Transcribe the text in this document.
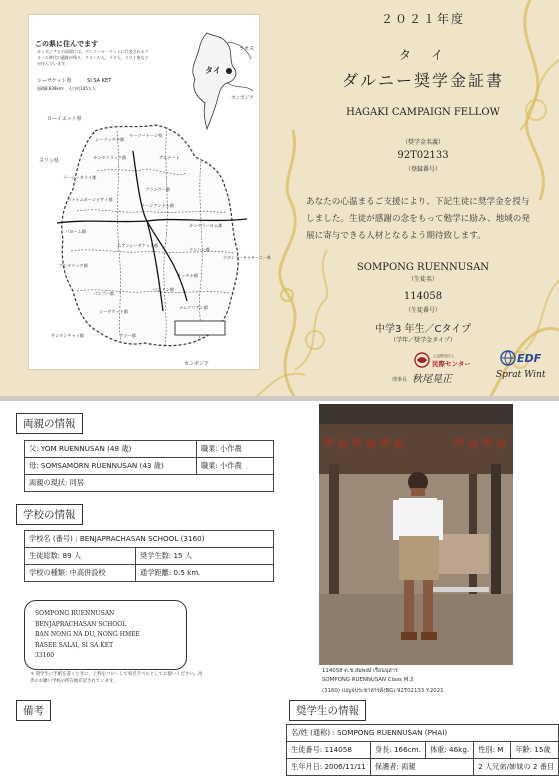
この県に住んでます
カンボジアとの国境には、デンコール・ワットに代表されるクメール時代の遺跡が残り、クメール人、ラオ人、スワイ族などが住んでいます。
シーサケット県	SI SA KET
面積8,839km²　人口約145万人
ラオス
タイ
カンボジア
ローイエット県
スリン県
ウボンラーチャターニー県
カンボジア
シーラッタナ郡
ヤーソートーン県
カンタララック郡	アムナート
ラーシーサライ郡
ウトゥムポーンピサイ郡
プランクー郡
ノーンクンナシ郡
カンタラーロム郡
パヨーム郡
ムアンシーサケット郡
クンハン郡
キッタナ郡
ブンタリック郡
パンプー郡
ベントン郡
シーサケット郡
ナムクリアン郡
サンタンチャイ郡	ブラー郡
２０２１年度
タ　イ
ダルニー奨学金証書
HAGAKI CAMPAIGN FELLOW
（奨学金名義）
92T02133
（登録番号）
あなたの心温まるご支援により、下記生徒に奨学金を授与しました。生徒が感謝の念をもって勉学に励み、地域の発展に寄与できる人材となるよう期待致します。
SOMPONG RUENNUSAN
（生徒名）
114058
（生徒番号）
中学3 年生／Cタイプ
（学年／奨学金タイプ）
公益財団法人
民際センター
理事長 秋尾晃正
EDF
Sprat Wint
両親の情報
父: YOM RUENNUSAN (48 歳)	職業: 小作農
母: SOMSAMORN RUENNUSAN (43 歳)	職業: 小作農
両親の現状: 同居	
学校の情報
学校名 (番号) : BENJAPRACHASAN SCHOOL (3160)	
生徒総数: 89 人	奨学生数: 15 人
学校の種類: 中高併設校	通学距離: 0.5 km.
SOMPONG RUENNUSAN
BENJAPRACHASAN SCHOOL
BAN NONG NA DU, NONG HMEE
RASEE SALAI, SI SA KET
33160
＊ 奨学生に手紙を書くときに、上枠をコピーして宛名ラベルとしてお使いください。改善のお願い学校の所在地が記されています。
114058 ด.ช.สมพงษ์ เรือนนุสาร
SOMPONG RUENNUSAN Class M.3
(3160) เบญจประชาสรรค์(BG) 92T02133 Y.2021
備考	奨学生の情報
名/姓 (通称) : SOMPONG RUENNUSAN (PHAI)				
生徒番号: 114058	身長: 166cm.	体重: 46kg.	性別: M	年齢: 15歳
生年月日: 2006/11/11	保護者: 両親		2 人兄弟/姉妹の 2 番目	
